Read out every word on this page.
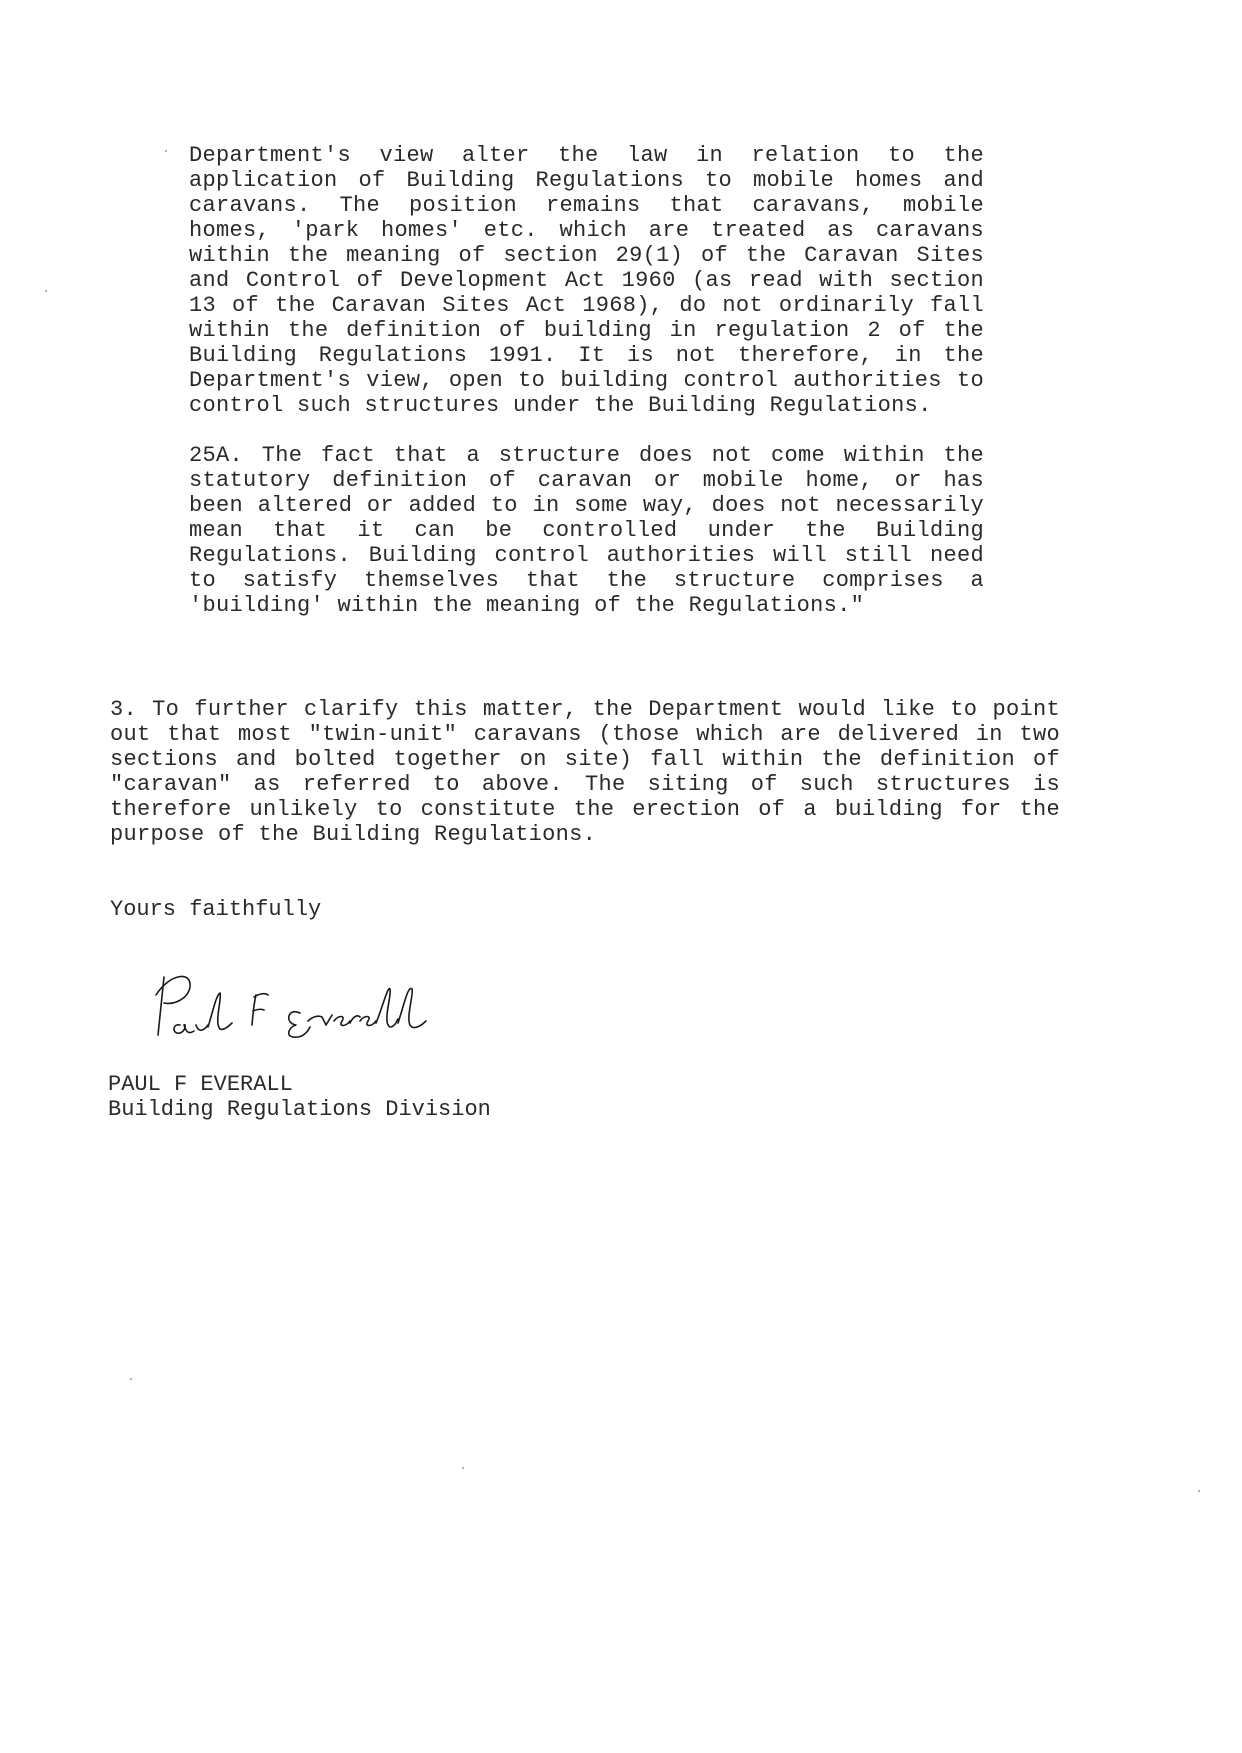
Department's view alter the law in relation to the application of Building Regulations to mobile homes and caravans. The position remains that caravans, mobile homes, 'park homes' etc. which are treated as caravans within the meaning of section 29(1) of the Caravan Sites and Control of Development Act 1960 (as read with section 13 of the Caravan Sites Act 1968), do not ordinarily fall within the definition of building in regulation 2 of the Building Regulations 1991. It is not therefore, in the Department's view, open to building control authorities to control such structures under the Building Regulations.

25A. The fact that a structure does not come within the statutory definition of caravan or mobile home, or has been altered or added to in some way, does not necessarily mean that it can be controlled under the Building Regulations. Building control authorities will still need to satisfy themselves that the structure comprises a 'building' within the meaning of the Regulations."

3. To further clarify this matter, the Department would like to point out that most "twin-unit" caravans (those which are delivered in two sections and bolted together on site) fall within the definition of "caravan" as referred to above. The siting of such structures is therefore unlikely to constitute the erection of a building for the purpose of the Building Regulations.

Yours faithfully

PAUL F EVERALL
Building Regulations Division
